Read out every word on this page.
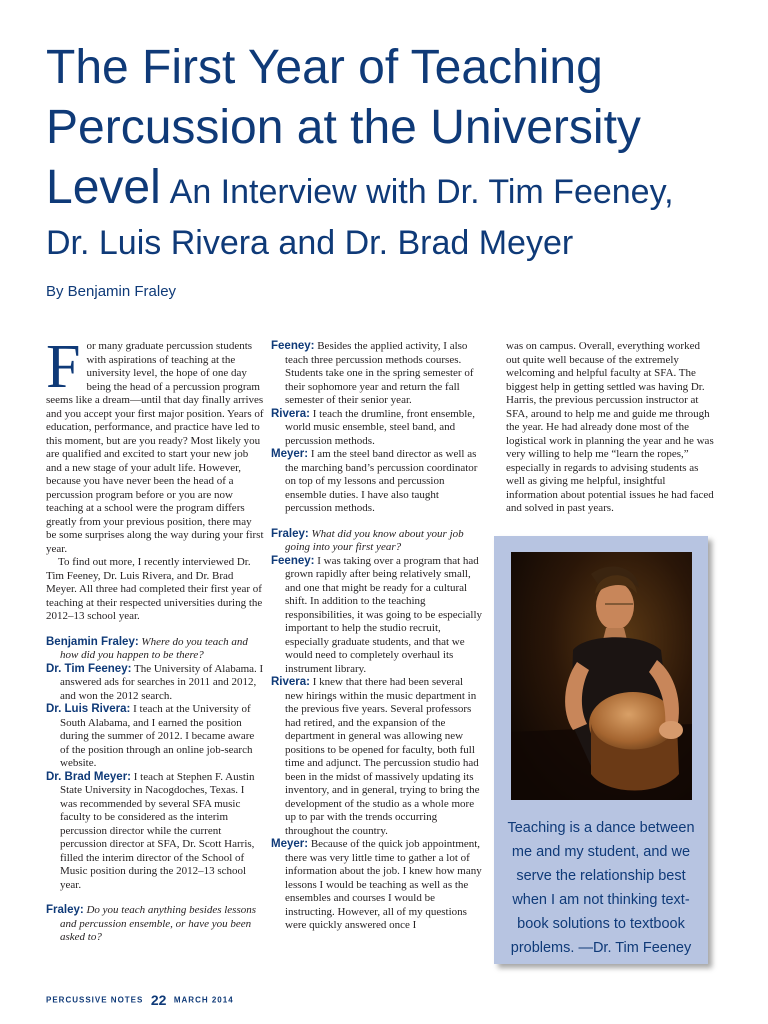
The First Year of Teaching
Percussion at the University
Level An Interview with Dr. Tim Feeney,
Dr. Luis Rivera and Dr. Brad Meyer
By Benjamin Fraley

For many graduate percussion students with aspirations of teaching at the university level, the hope of one day being the head of a percussion program seems like a dream—until that day finally arrives and you accept your first major position. Years of education, performance, and practice have led to this moment, but are you ready? Most likely you are qualified and excited to start your new job and a new stage of your adult life. However, because you have never been the head of a percussion program before or you are now teaching at a school were the program differs greatly from your previous position, there may be some surprises along the way during your first year.

To find out more, I recently interviewed Dr. Tim Feeney, Dr. Luis Rivera, and Dr. Brad Meyer. All three had completed their first year of teaching at their respected universities during the 2012–13 school year.

Benjamin Fraley: Where do you teach and how did you happen to be there?

Dr. Tim Feeney: The University of Alabama. I answered ads for searches in 2011 and 2012, and won the 2012 search.

Dr. Luis Rivera: I teach at the University of South Alabama, and I earned the position during the summer of 2012. I became aware of the position through an online job-search website.

Dr. Brad Meyer: I teach at Stephen F. Austin State University in Nacogdoches, Texas. I was recommended by several SFA music faculty to be considered as the interim percussion director while the current percussion director at SFA, Dr. Scott Harris, filled the interim director of the School of Music position during the 2012–13 school year.

Fraley: Do you teach anything besides lessons and percussion ensemble, or have you been asked to?

Feeney: Besides the applied activity, I also teach three percussion methods courses. Students take one in the spring semester of their sophomore year and return the fall semester of their senior year.

Rivera: I teach the drumline, front ensemble, world music ensemble, steel band, and percussion methods.

Meyer: I am the steel band director as well as the marching band’s percussion coordinator on top of my lessons and percussion ensemble duties. I have also taught percussion methods.

Fraley: What did you know about your job going into your first year?

Feeney: I was taking over a program that had grown rapidly after being relatively small, and one that might be ready for a cultural shift. In addition to the teaching responsibilities, it was going to be especially important to help the studio recruit, especially graduate students, and that we would need to completely overhaul its instrument library.

Rivera: I knew that there had been several new hirings within the music department in the previous five years. Several professors had retired, and the expansion of the department in general was allowing new positions to be opened for faculty, both full time and adjunct. The percussion studio had been in the midst of massively updating its inventory, and in general, trying to bring the development of the studio as a whole more up to par with the trends occurring throughout the country.

Meyer: Because of the quick job appointment, there was very little time to gather a lot of information about the job. I knew how many lessons I would be teaching as well as the ensembles and courses I would be instructing. However, all of my questions were quickly answered once I

was on campus. Overall, everything worked out quite well because of the extremely welcoming and helpful faculty at SFA. The biggest help in getting settled was having Dr. Harris, the previous percussion instructor at SFA, around to help me and guide me through the year. He had already done most of the logistical work in planning the year and he was very willing to help me “learn the ropes,” especially in regards to advising students as well as giving me helpful, insightful information about potential issues he had faced and solved in past years.

Teaching is a dance between me and my student, and we serve the relationship best when I am not thinking text-book solutions to textbook problems. —Dr. Tim Feeney
PERCUSSIVE NOTES 22 MARCH 2014
